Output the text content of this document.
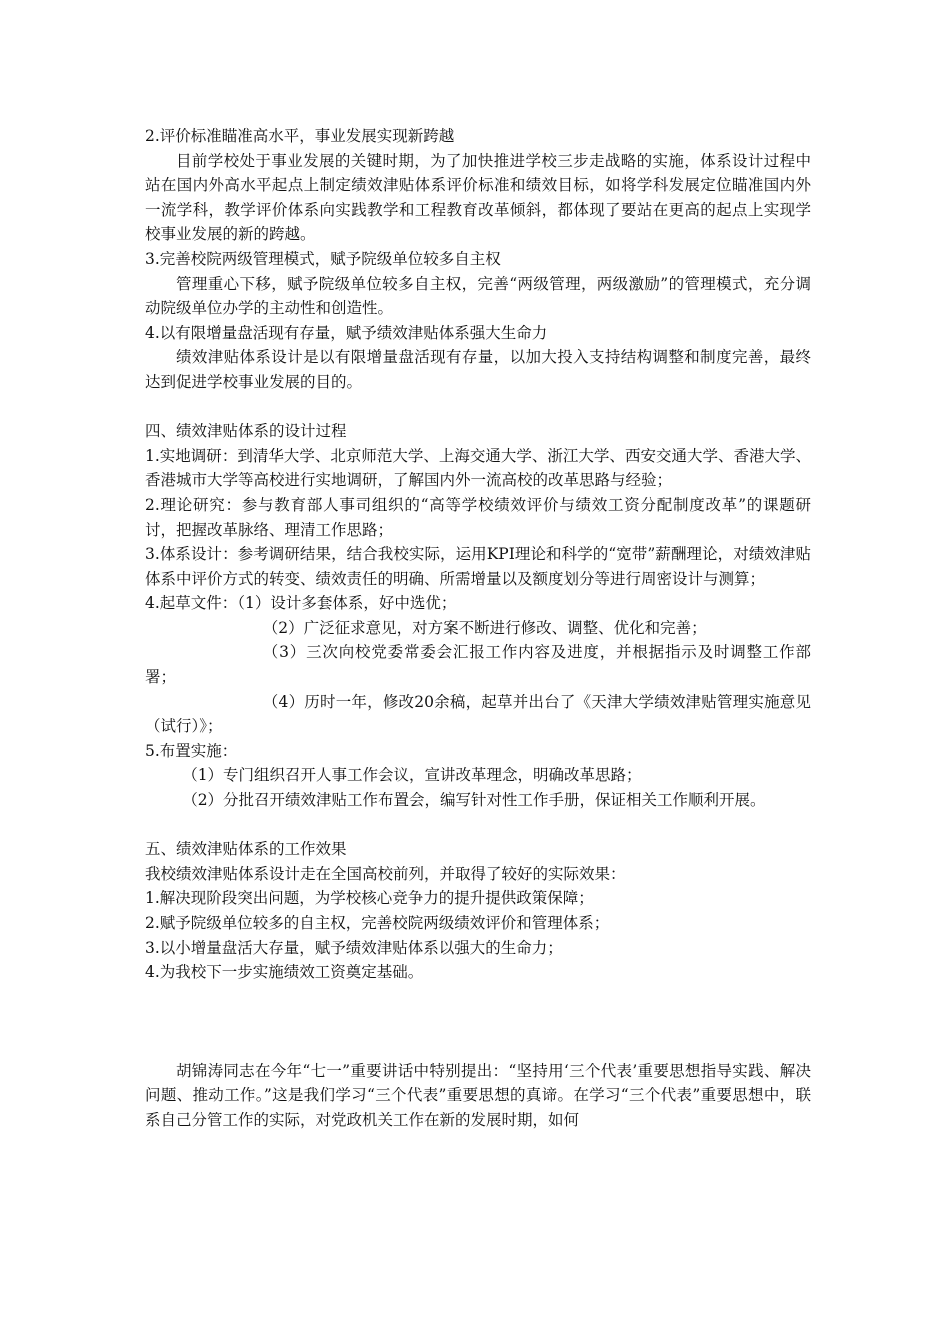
2.评价标准瞄准高水平，事业发展实现新跨越

目前学校处于事业发展的关键时期，为了加快推进学校三步走战略的实施，体系设计过程中站在国内外高水平起点上制定绩效津贴体系评价标准和绩效目标，如将学科发展定位瞄准国内外一流学科，教学评价体系向实践教学和工程教育改革倾斜，都体现了要站在更高的起点上实现学校事业发展的新的跨越。

3.完善校院两级管理模式，赋予院级单位较多自主权

管理重心下移，赋予院级单位较多自主权，完善“两级管理，两级激励”的管理模式，充分调动院级单位办学的主动性和创造性。

4.以有限增量盘活现有存量，赋予绩效津贴体系强大生命力

绩效津贴体系设计是以有限增量盘活现有存量，以加大投入支持结构调整和制度完善，最终达到促进学校事业发展的目的。

四、绩效津贴体系的设计过程

1.实地调研：到清华大学、北京师范大学、上海交通大学、浙江大学、西安交通大学、香港大学、香港城市大学等高校进行实地调研，了解国内外一流高校的改革思路与经验；

2.理论研究：参与教育部人事司组织的“高等学校绩效评价与绩效工资分配制度改革”的课题研讨，把握改革脉络、理清工作思路；

3.体系设计：参考调研结果，结合我校实际，运用KPI理论和科学的“宽带”薪酬理论，对绩效津贴体系中评价方式的转变、绩效责任的明确、所需增量以及额度划分等进行周密设计与测算；

4.起草文件：（1）设计多套体系，好中选优；

（2）广泛征求意见，对方案不断进行修改、调整、优化和完善；

（3）三次向校党委常委会汇报工作内容及进度，并根据指示及时调整工作部署；

（4）历时一年，修改20余稿，起草并出台了《天津大学绩效津贴管理实施意见（试行）》；

5.布置实施：

（1）专门组织召开人事工作会议，宣讲改革理念，明确改革思路；

（2）分批召开绩效津贴工作布置会，编写针对性工作手册，保证相关工作顺利开展。

五、绩效津贴体系的工作效果

我校绩效津贴体系设计走在全国高校前列，并取得了较好的实际效果：

1.解决现阶段突出问题，为学校核心竞争力的提升提供政策保障；

2.赋予院级单位较多的自主权，完善校院两级绩效评价和管理体系；

3.以小增量盘活大存量，赋予绩效津贴体系以强大的生命力；

4.为我校下一步实施绩效工资奠定基础。

胡锦涛同志在今年“七一”重要讲话中特别提出：“坚持用‘三个代表’重要思想指导实践、解决问题、推动工作。”这是我们学习“三个代表”重要思想的真谛。在学习“三个代表”重要思想中，联系自己分管工作的实际，对党政机关工作在新的发展时期，如何
